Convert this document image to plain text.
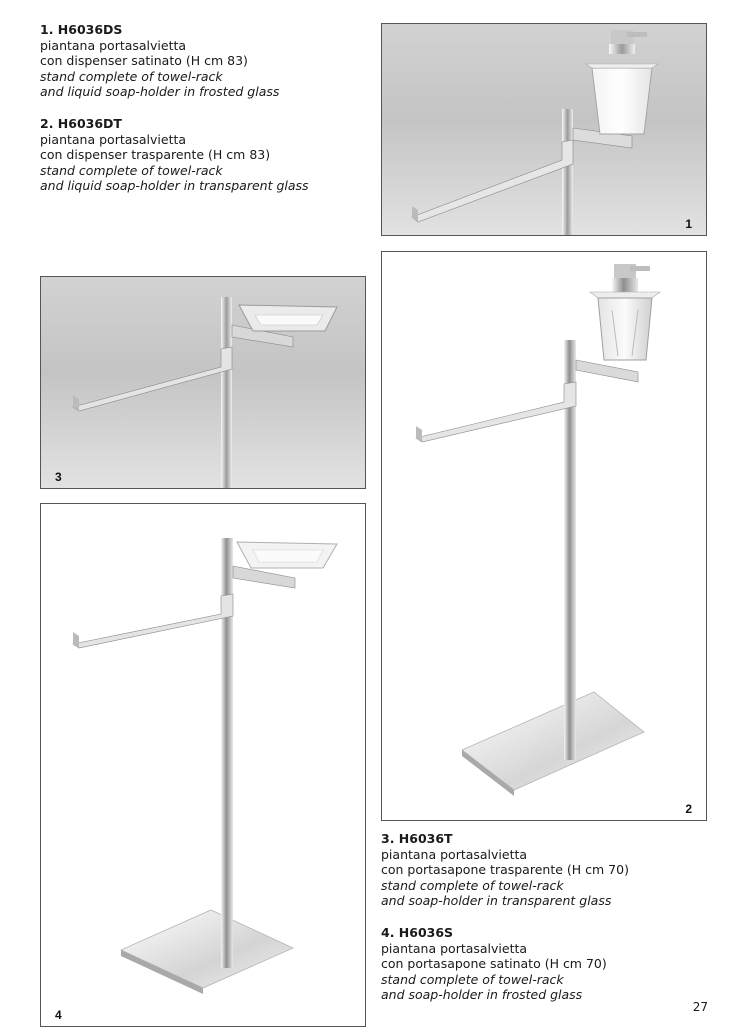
1. H6036DS

piantana portasalvietta

con dispenser satinato (H cm 83)

stand complete of towel-rack

and liquid soap-holder in frosted glass

2. H6036DT

piantana portasalvietta

con dispenser trasparente (H cm 83)

stand complete of towel-rack

and liquid soap-holder in transparent glass

1
3
2
4

3. H6036T

piantana portasalvietta

con portasapone trasparente (H cm 70)

stand complete of towel-rack

and soap-holder in transparent glass

4. H6036S

piantana portasalvietta

con portasapone satinato (H cm 70)

stand complete of towel-rack

and soap-holder in frosted glass

27
